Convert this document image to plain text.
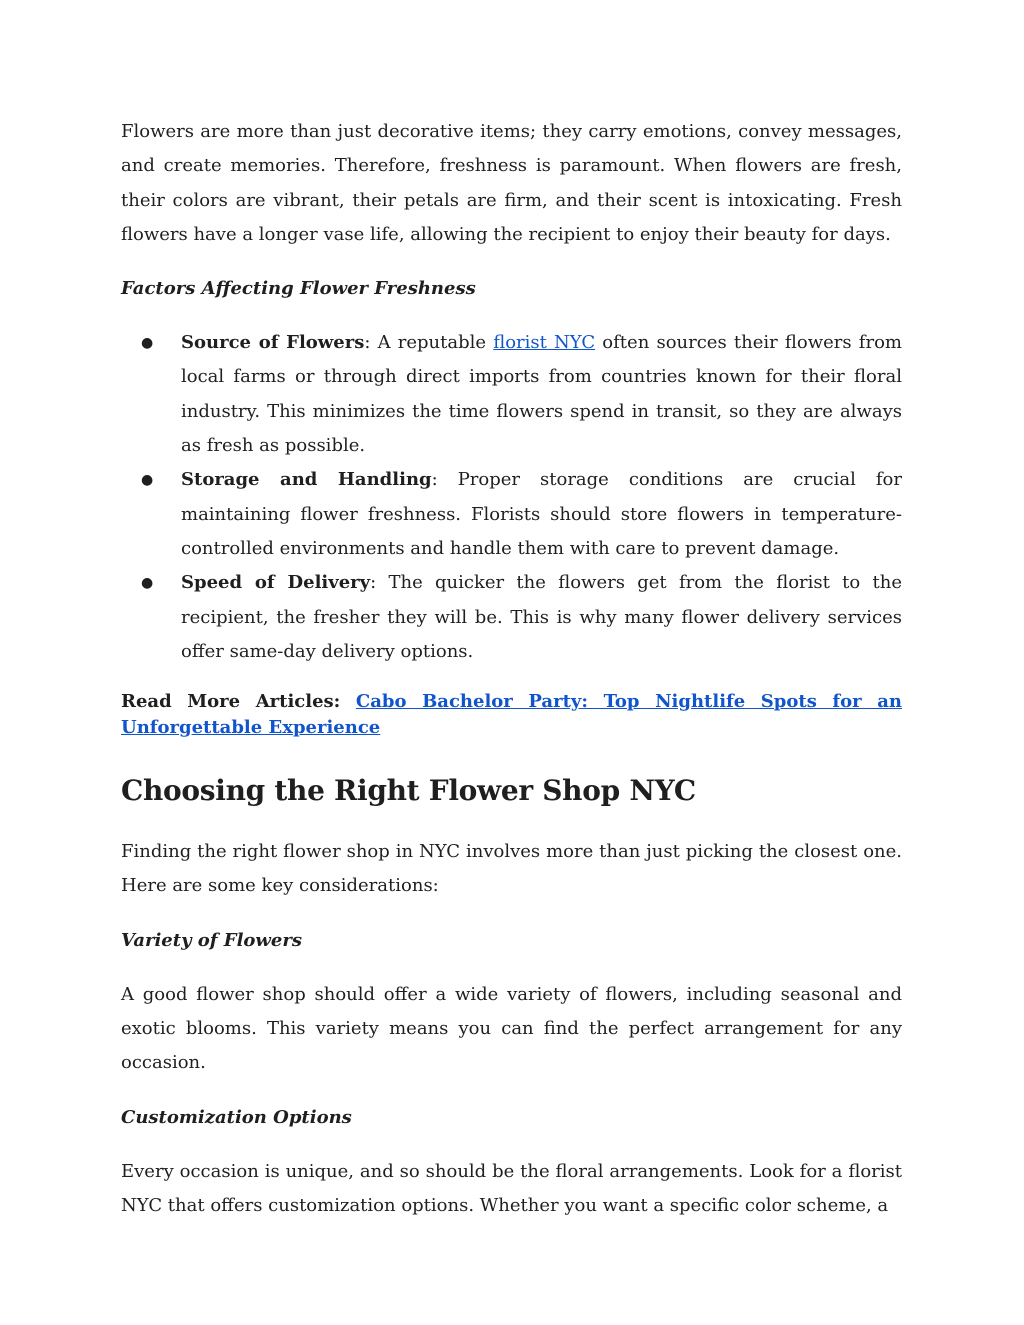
Flowers are more than just decorative items; they carry emotions, convey messages, and create memories. Therefore, freshness is paramount. When flowers are fresh, their colors are vibrant, their petals are firm, and their scent is intoxicating. Fresh flowers have a longer vase life, allowing the recipient to enjoy their beauty for days.

Factors Affecting Flower Freshness
● Source of Flowers: A reputable florist NYC often sources their flowers from local farms or through direct imports from countries known for their floral industry. This minimizes the time flowers spend in transit, so they are always as fresh as possible.
● Storage and Handling: Proper storage conditions are crucial for maintaining flower freshness. Florists should store flowers in temperature-controlled environments and handle them with care to prevent damage.
● Speed of Delivery: The quicker the flowers get from the florist to the recipient, the fresher they will be. This is why many flower delivery services offer same-day delivery options.
Read More Articles: Cabo Bachelor Party: Top Nightlife Spots for an Unforgettable Experience
Choosing the Right Flower Shop NYC

Finding the right flower shop in NYC involves more than just picking the closest one. Here are some key considerations:

Variety of Flowers

A good flower shop should offer a wide variety of flowers, including seasonal and exotic blooms. This variety means you can find the perfect arrangement for any occasion.

Customization Options

Every occasion is unique, and so should be the floral arrangements. Look for a florist NYC that offers customization options. Whether you want a specific color scheme, a
